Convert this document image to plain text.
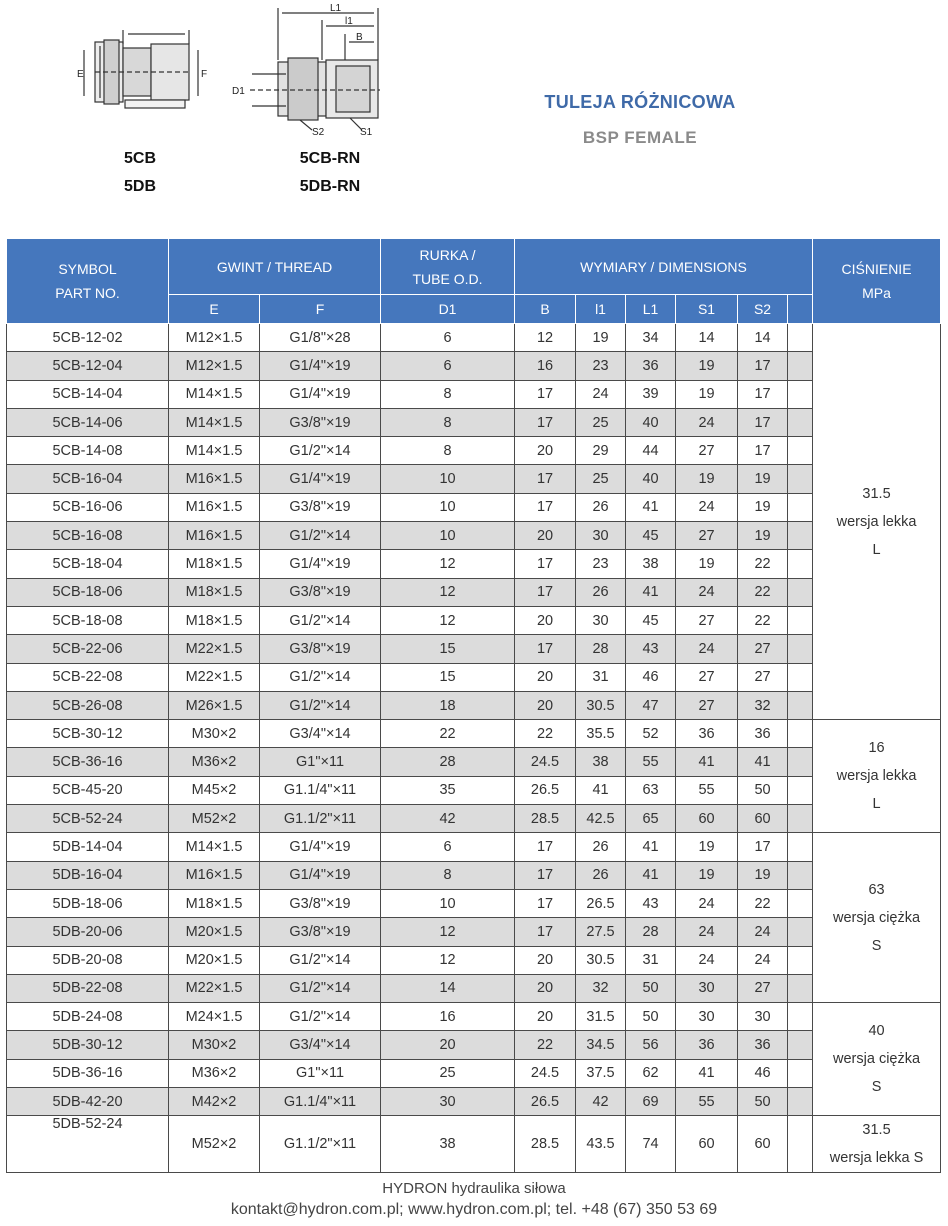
E	F
L1
l1
B
D1
S2	S1
5CB
5DB
5CB-RN
5DB-RN
TULEJA RÓŻNICOWA
BSP FEMALE
SYMBOL
PART NO.	GWINT / THREAD		RURKA /
TUBE O.D.	WYMIARY / DIMENSIONS						CIŚNIENIE
MPa
	E	F	D1	B	l1	L1	S1	S2		
5CB-12-02	M12×1.5	G1/8"×28	6	12	19	34	14	14		31.5
wersja lekka
L

5CB-12-04	M12×1.5	G1/4"×19	6	16	23	36	19	17		
5CB-14-04	M14×1.5	G1/4"×19	8	17	24	39	19	17		
5CB-14-06	M14×1.5	G3/8"×19	8	17	25	40	24	17		
5CB-14-08	M14×1.5	G1/2"×14	8	20	29	44	27	17		
5CB-16-04	M16×1.5	G1/4"×19	10	17	25	40	19	19		
5CB-16-06	M16×1.5	G3/8"×19	10	17	26	41	24	19		
5CB-16-08	M16×1.5	G1/2"×14	10	20	30	45	27	19		
5CB-18-04	M18×1.5	G1/4"×19	12	17	23	38	19	22		
5CB-18-06	M18×1.5	G3/8"×19	12	17	26	41	24	22		
5CB-18-08	M18×1.5	G1/2"×14	12	20	30	45	27	22		
5CB-22-06	M22×1.5	G3/8"×19	15	17	28	43	24	27		
5CB-22-08	M22×1.5	G1/2"×14	15	20	31	46	27	27		
5CB-26-08	M26×1.5	G1/2"×14	18	20	30.5	47	27	32		
5CB-30-12	M30×2	G3/4"×14	22	22	35.5	52	36	36		16
wersja lekka
L

5CB-36-16	M36×2	G1"×11	28	24.5	38	55	41	41		
5CB-45-20	M45×2	G1.1/4"×11	35	26.5	41	63	55	50		
5CB-52-24	M52×2	G1.1/2"×11	42	28.5	42.5	65	60	60		
5DB-14-04	M14×1.5	G1/4"×19	6	17	26	41	19	17		63
wersja ciężka
S

5DB-16-04	M16×1.5	G1/4"×19	8	17	26	41	19	19		
5DB-18-06	M18×1.5	G3/8"×19	10	17	26.5	43	24	22		
5DB-20-06	M20×1.5	G3/8"×19	12	17	27.5	28	24	24		
5DB-20-08	M20×1.5	G1/2"×14	12	20	30.5	31	24	24		
5DB-22-08	M22×1.5	G1/2"×14	14	20	32	50	30	27		
5DB-24-08	M24×1.5	G1/2"×14	16	20	31.5	50	30	30		40
wersja ciężka
S

5DB-30-12	M30×2	G3/4"×14	20	22	34.5	56	36	36		
5DB-36-16	M36×2	G1"×11	25	24.5	37.5	62	41	46		
5DB-42-20	M42×2	G1.1/4"×11	30	26.5	42	69	55	50		
5DB-52-24	M52×2	G1.1/2"×11	38	28.5	43.5	74	60	60		31.5
wersja lekka S
HYDRON hydraulika siłowa
kontakt@hydron.com.pl; www.hydron.com.pl; tel. +48 (67) 350 53 69
